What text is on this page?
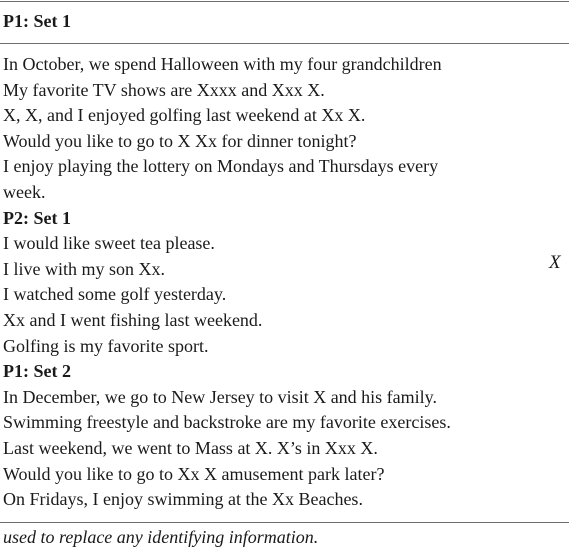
P1: Set 1
In October, we spend Halloween with my four grandchildren
My favorite TV shows are Xxxx and Xxx X.
X, X, and I enjoyed golfing last weekend at Xx X.
Would you like to go to X Xx for dinner tonight?
I enjoy playing the lottery on Mondays and Thursdays every
week.
P2: Set 1
I would like sweet tea please.
I live with my son Xx.
I watched some golf yesterday.
Xx and I went fishing last weekend.
Golfing is my favorite sport.
P1: Set 2
In December, we go to New Jersey to visit X and his family.
Swimming freestyle and backstroke are my favorite exercises.
Last weekend, we went to Mass at X. X’s in Xxx X.
Would you like to go to Xx X amusement park later?
On Fridays, I enjoy swimming at the Xx Beaches.
X
used to replace any identifying information.
